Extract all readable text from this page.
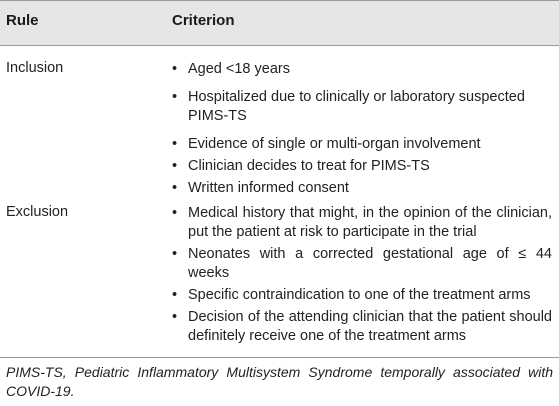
Rule	Criterion
Inclusion	• Aged <18 years
• Hospitalized due to clinically or laboratory suspected PIMS-TS
• Evidence of single or multi-organ involvement
• Clinician decides to treat for PIMS-TS
• Written informed consent
Exclusion	• Medical history that might, in the opinion of the clinician, put the patient at risk to participate in the trial
• Neonates with a corrected gestational age of ≤ 44 weeks
• Specific contraindication to one of the treatment arms
• Decision of the attending clinician that the patient should definitely receive one of the treatment arms
PIMS-TS, Pediatric Inflammatory Multisystem Syndrome temporally associated with COVID-19.
